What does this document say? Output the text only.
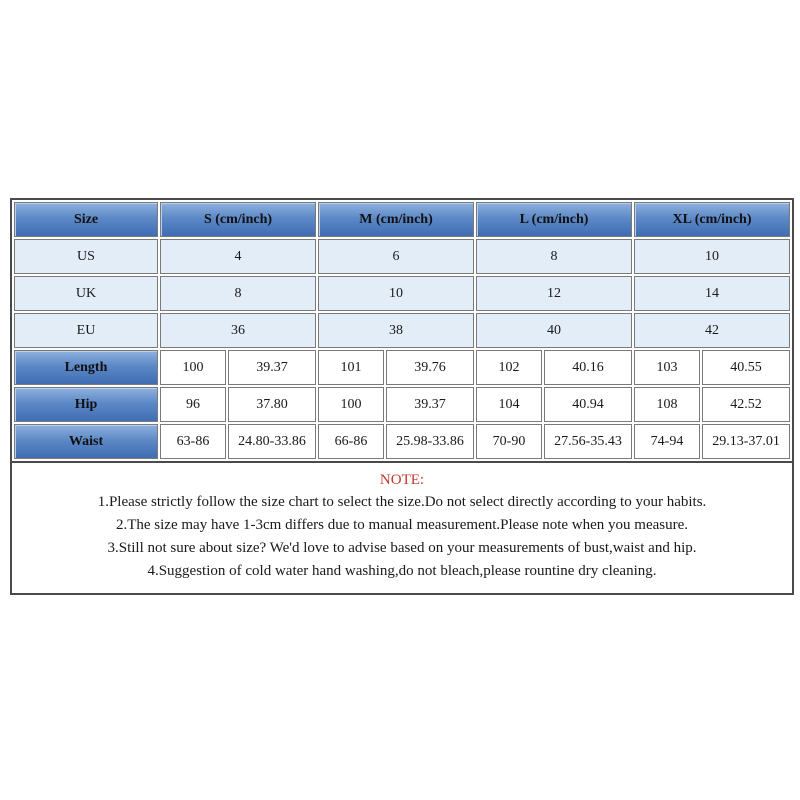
Size	S (cm/inch)		M (cm/inch)		L (cm/inch)		XL (cm/inch)	
US	4		6		8		10	
UK	8		10		12		14	
EU	36		38		40		42	
Length	100	39.37	101	39.76	102	40.16	103	40.55
Hip	96	37.80	100	39.37	104	40.94	108	42.52
Waist	63-86	24.80-33.86	66-86	25.98-33.86	70-90	27.56-35.43	74-94	29.13-37.01
NOTE:
1.Please strictly follow the size chart to select the size.Do not select directly according to your habits.
2.The size may have 1-3cm differs due to manual measurement.Please note when you measure.
3.Still not sure about size? We'd love to advise based on your measurements of bust,waist and hip.
4.Suggestion of cold water hand washing,do not bleach,please rountine dry cleaning.
